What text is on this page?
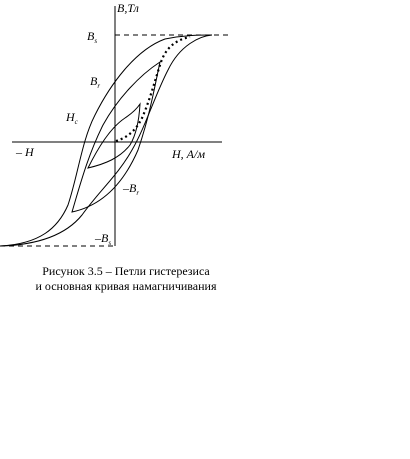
B,Тл
H, А/м
– H
$B_s$
$B_r$
$H_c$
$-B_r$
$-B_s$
Рисунок 3.5 – Петли гистерезиса
и основная кривая намагничивания
